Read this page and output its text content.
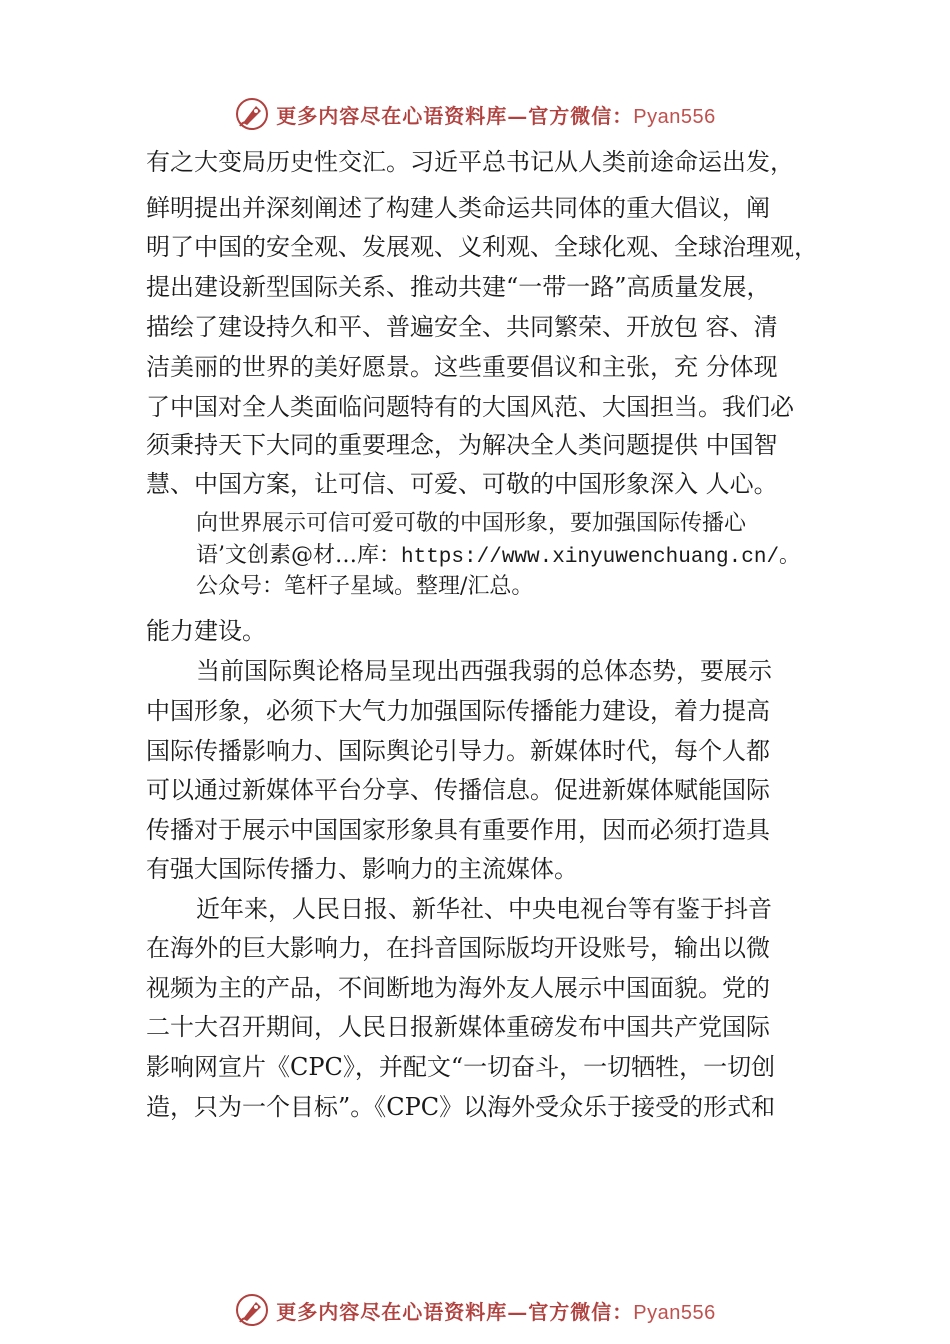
更多内容尽在心语资料库—官方微信：Pyan556
有之大变局历史性交汇。习近平总书记从人类前途命运出发，
鲜明提出并深刻阐述了构建人类命运共同体的重大倡议，阐
明了中国的安全观、发展观、义利观、全球化观、全球治理观，
提出建设新型国际关系、推动共建“一带一路”高质量发展，
描绘了建设持久和平、普遍安全、共同繁荣、开放包 容、清
洁美丽的世界的美好愿景。这些重要倡议和主张，充 分体现
了中国对全人类面临问题特有的大国风范、大国担当。我们必
须秉持天下大同的重要理念，为解决全人类问题提供 中国智
慧、中国方案，让可信、可爱、可敬的中国形象深入 人心。
向世界展示可信可爱可敬的中国形象，要加强国际传播心
语’文创素@材…库：https://www.xinyuwenchuang.cn/。
公众号：笔杆子星域。整理/汇总。
能力建设。
当前国际舆论格局呈现出西强我弱的总体态势，要展示
中国形象，必须下大气力加强国际传播能力建设，着力提高
国际传播影响力、国际舆论引导力。新媒体时代，每个人都
可以通过新媒体平台分享、传播信息。促进新媒体赋能国际
传播对于展示中国国家形象具有重要作用，因而必须打造具
有强大国际传播力、影响力的主流媒体。
近年来，人民日报、新华社、中央电视台等有鉴于抖音
在海外的巨大影响力，在抖音国际版均开设账号，输出以微
视频为主的产品，不间断地为海外友人展示中国面貌。党的
二十大召开期间，人民日报新媒体重磅发布中国共产党国际
影响网宣片《CPC》，并配文“一切奋斗，一切牺牲，一切创
造，只为一个目标”。《CPC》以海外受众乐于接受的形式和
更多内容尽在心语资料库—官方微信：Pyan556
